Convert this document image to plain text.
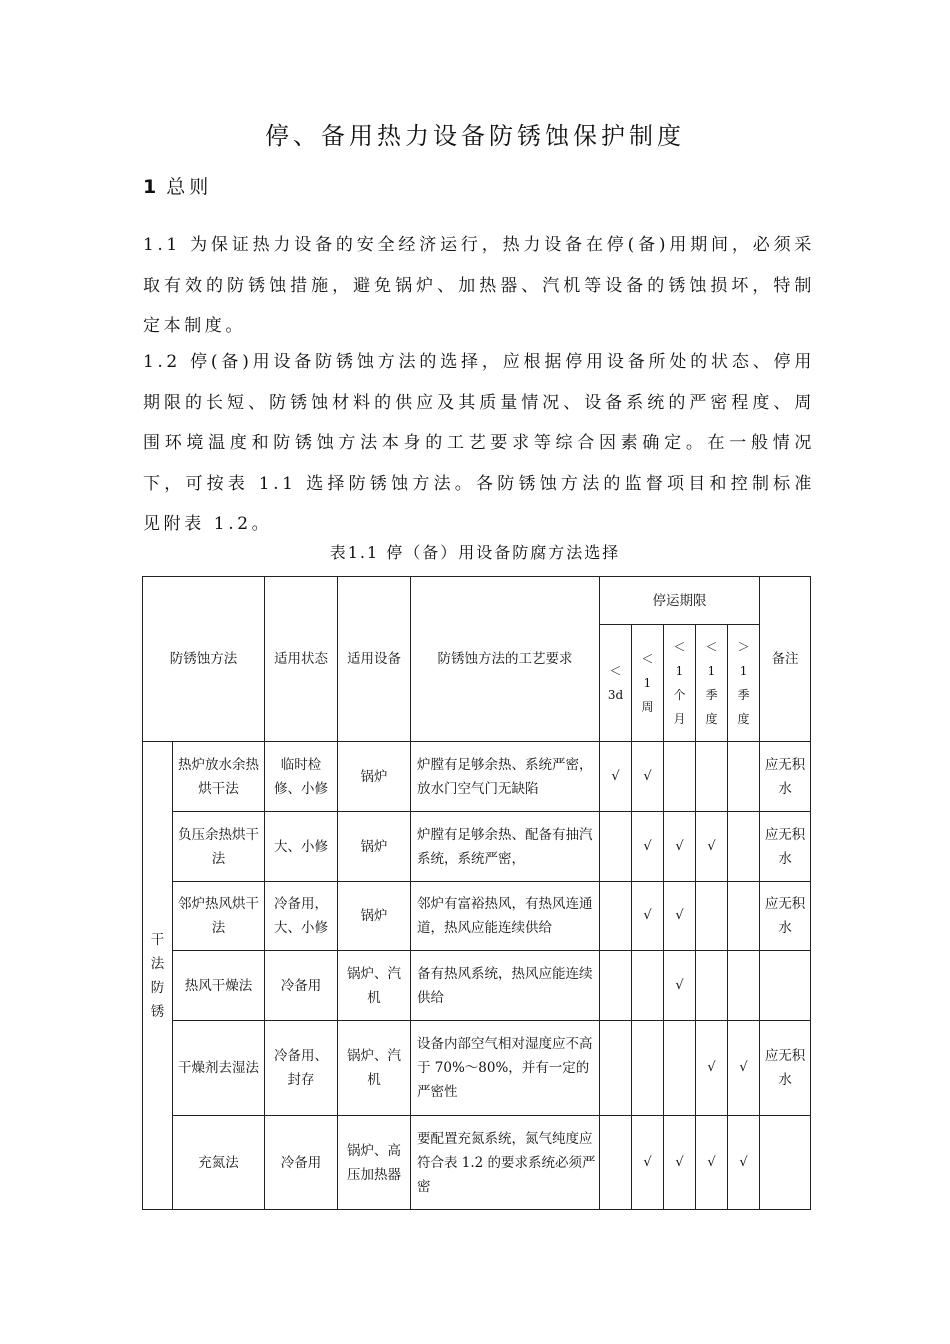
停、备用热力设备防锈蚀保护制度
1 总则
1.1 为保证热力设备的安全经济运行，热力设备在停(备)用期间，必须采取有效的防锈蚀措施，避免锅炉、加热器、汽机等设备的锈蚀损坏，特制定本制度。
1.2 停(备)用设备防锈蚀方法的选择，应根据停用设备所处的状态、停用期限的长短、防锈蚀材料的供应及其质量情况、设备系统的严密程度、周围环境温度和防锈蚀方法本身的工艺要求等综合因素确定。在一般情况下，可按表 1.1 选择防锈蚀方法。各防锈蚀方法的监督项目和控制标准见附表 1.2。
表1.1 停（备）用设备防腐方法选择
防锈蚀方法		适用状态	适用设备	防锈蚀方法的工艺要求	停运期限					备注
					＜3d	＜1周	＜1个月	＜1季度	＞1季度	
干法防锈	热炉放水余热烘干法	临时检修、小修	锅炉	炉膛有足够余热、系统严密，放水门空气门无缺陷	√	√				应无积水
	负压余热烘干法	大、小修	锅炉	炉膛有足够余热、配备有抽汽系统，系统严密，		√	√	√		应无积水
	邻炉热风烘干法	冷备用，大、小修	锅炉	邻炉有富裕热风，有热风连通道，热风应能连续供给		√	√			应无积水
	热风干燥法	冷备用	锅炉、汽机	备有热风系统，热风应能连续供给			√			
	干燥剂去湿法	冷备用、封存	锅炉、汽机	设备内部空气相对湿度应不高于 70%～80%，并有一定的严密性				√	√	应无积水
	充氮法	冷备用	锅炉、高压加热器	要配置充氮系统，氮气纯度应符合表 1.2 的要求系统必须严密		√	√	√	√	
